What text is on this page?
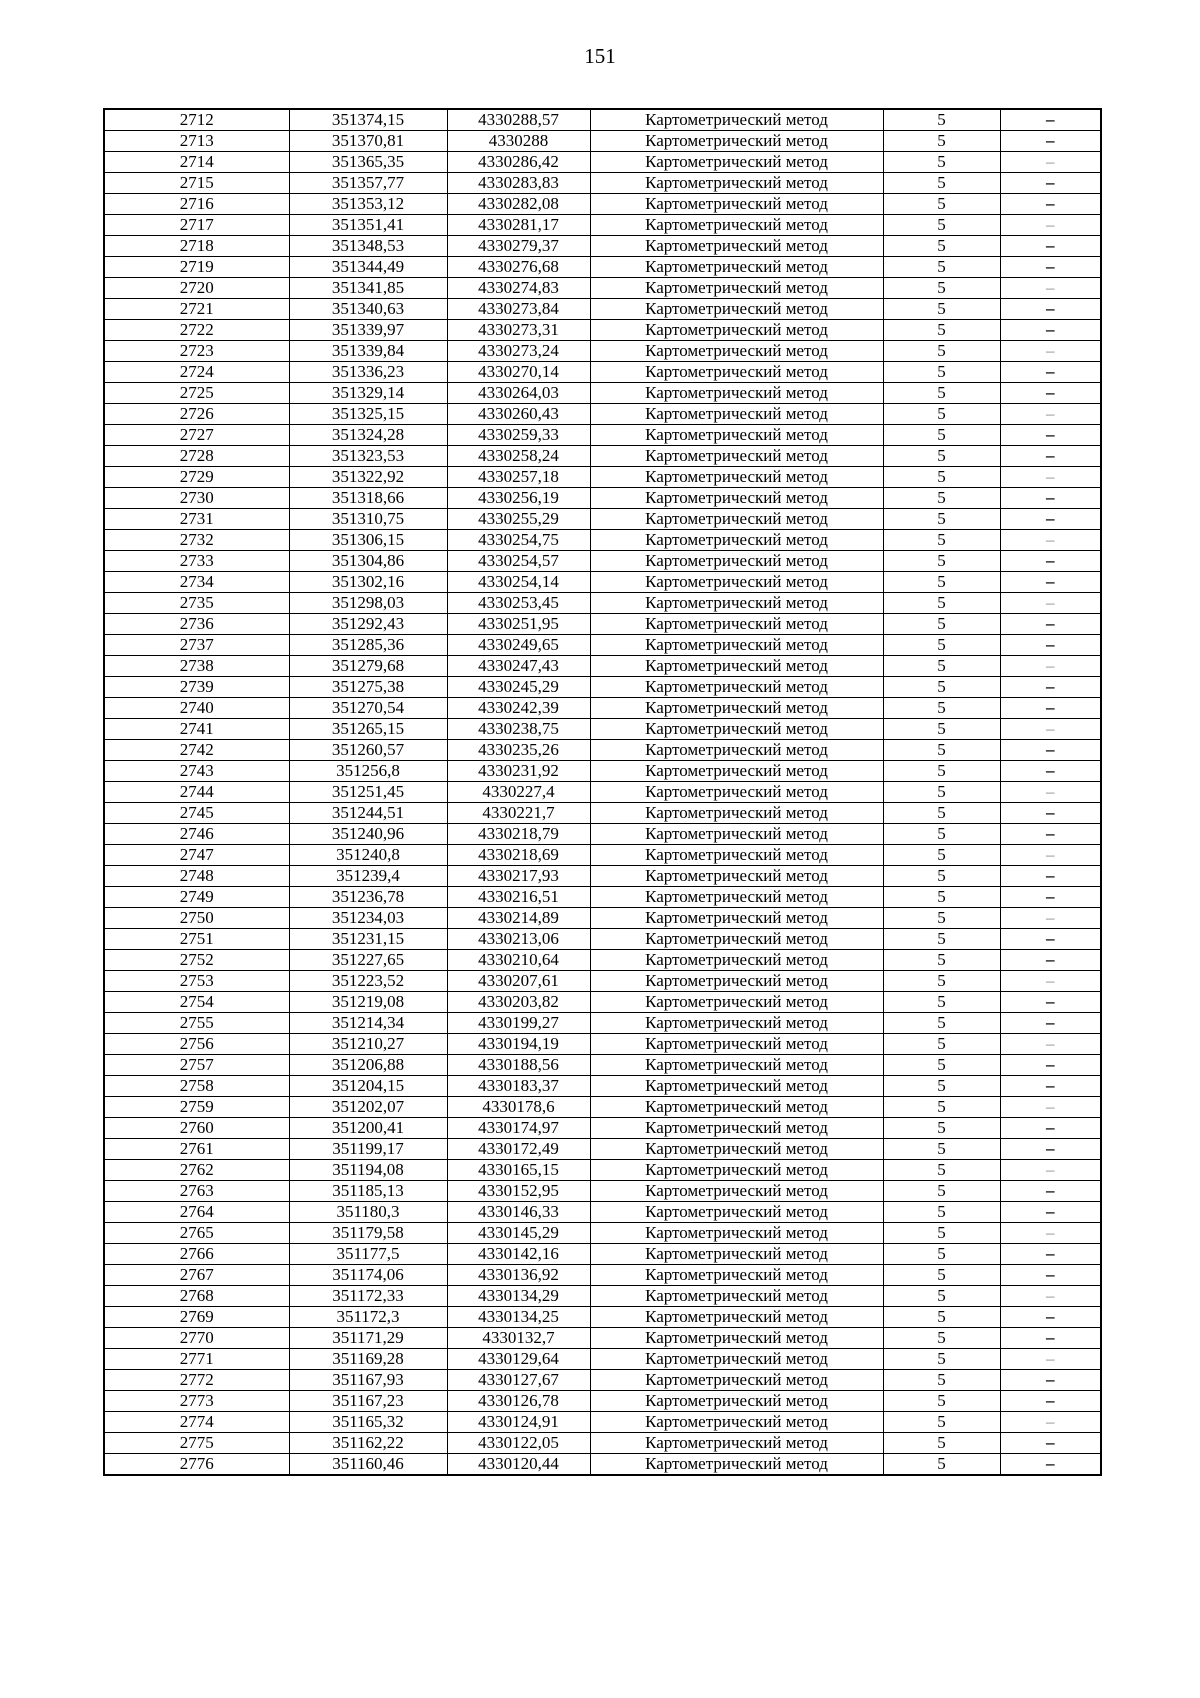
151
2712	351374,15	4330288,57	Картометрический метод	5	–
2713	351370,81	4330288	Картометрический метод	5	–
2714	351365,35	4330286,42	Картометрический метод	5	–
2715	351357,77	4330283,83	Картометрический метод	5	–
2716	351353,12	4330282,08	Картометрический метод	5	–
2717	351351,41	4330281,17	Картометрический метод	5	–
2718	351348,53	4330279,37	Картометрический метод	5	–
2719	351344,49	4330276,68	Картометрический метод	5	–
2720	351341,85	4330274,83	Картометрический метод	5	–
2721	351340,63	4330273,84	Картометрический метод	5	–
2722	351339,97	4330273,31	Картометрический метод	5	–
2723	351339,84	4330273,24	Картометрический метод	5	–
2724	351336,23	4330270,14	Картометрический метод	5	–
2725	351329,14	4330264,03	Картометрический метод	5	–
2726	351325,15	4330260,43	Картометрический метод	5	–
2727	351324,28	4330259,33	Картометрический метод	5	–
2728	351323,53	4330258,24	Картометрический метод	5	–
2729	351322,92	4330257,18	Картометрический метод	5	–
2730	351318,66	4330256,19	Картометрический метод	5	–
2731	351310,75	4330255,29	Картометрический метод	5	–
2732	351306,15	4330254,75	Картометрический метод	5	–
2733	351304,86	4330254,57	Картометрический метод	5	–
2734	351302,16	4330254,14	Картометрический метод	5	–
2735	351298,03	4330253,45	Картометрический метод	5	–
2736	351292,43	4330251,95	Картометрический метод	5	–
2737	351285,36	4330249,65	Картометрический метод	5	–
2738	351279,68	4330247,43	Картометрический метод	5	–
2739	351275,38	4330245,29	Картометрический метод	5	–
2740	351270,54	4330242,39	Картометрический метод	5	–
2741	351265,15	4330238,75	Картометрический метод	5	–
2742	351260,57	4330235,26	Картометрический метод	5	–
2743	351256,8	4330231,92	Картометрический метод	5	–
2744	351251,45	4330227,4	Картометрический метод	5	–
2745	351244,51	4330221,7	Картометрический метод	5	–
2746	351240,96	4330218,79	Картометрический метод	5	–
2747	351240,8	4330218,69	Картометрический метод	5	–
2748	351239,4	4330217,93	Картометрический метод	5	–
2749	351236,78	4330216,51	Картометрический метод	5	–
2750	351234,03	4330214,89	Картометрический метод	5	–
2751	351231,15	4330213,06	Картометрический метод	5	–
2752	351227,65	4330210,64	Картометрический метод	5	–
2753	351223,52	4330207,61	Картометрический метод	5	–
2754	351219,08	4330203,82	Картометрический метод	5	–
2755	351214,34	4330199,27	Картометрический метод	5	–
2756	351210,27	4330194,19	Картометрический метод	5	–
2757	351206,88	4330188,56	Картометрический метод	5	–
2758	351204,15	4330183,37	Картометрический метод	5	–
2759	351202,07	4330178,6	Картометрический метод	5	–
2760	351200,41	4330174,97	Картометрический метод	5	–
2761	351199,17	4330172,49	Картометрический метод	5	–
2762	351194,08	4330165,15	Картометрический метод	5	–
2763	351185,13	4330152,95	Картометрический метод	5	–
2764	351180,3	4330146,33	Картометрический метод	5	–
2765	351179,58	4330145,29	Картометрический метод	5	–
2766	351177,5	4330142,16	Картометрический метод	5	–
2767	351174,06	4330136,92	Картометрический метод	5	–
2768	351172,33	4330134,29	Картометрический метод	5	–
2769	351172,3	4330134,25	Картометрический метод	5	–
2770	351171,29	4330132,7	Картометрический метод	5	–
2771	351169,28	4330129,64	Картометрический метод	5	–
2772	351167,93	4330127,67	Картометрический метод	5	–
2773	351167,23	4330126,78	Картометрический метод	5	–
2774	351165,32	4330124,91	Картометрический метод	5	–
2775	351162,22	4330122,05	Картометрический метод	5	–
2776	351160,46	4330120,44	Картометрический метод	5	–
